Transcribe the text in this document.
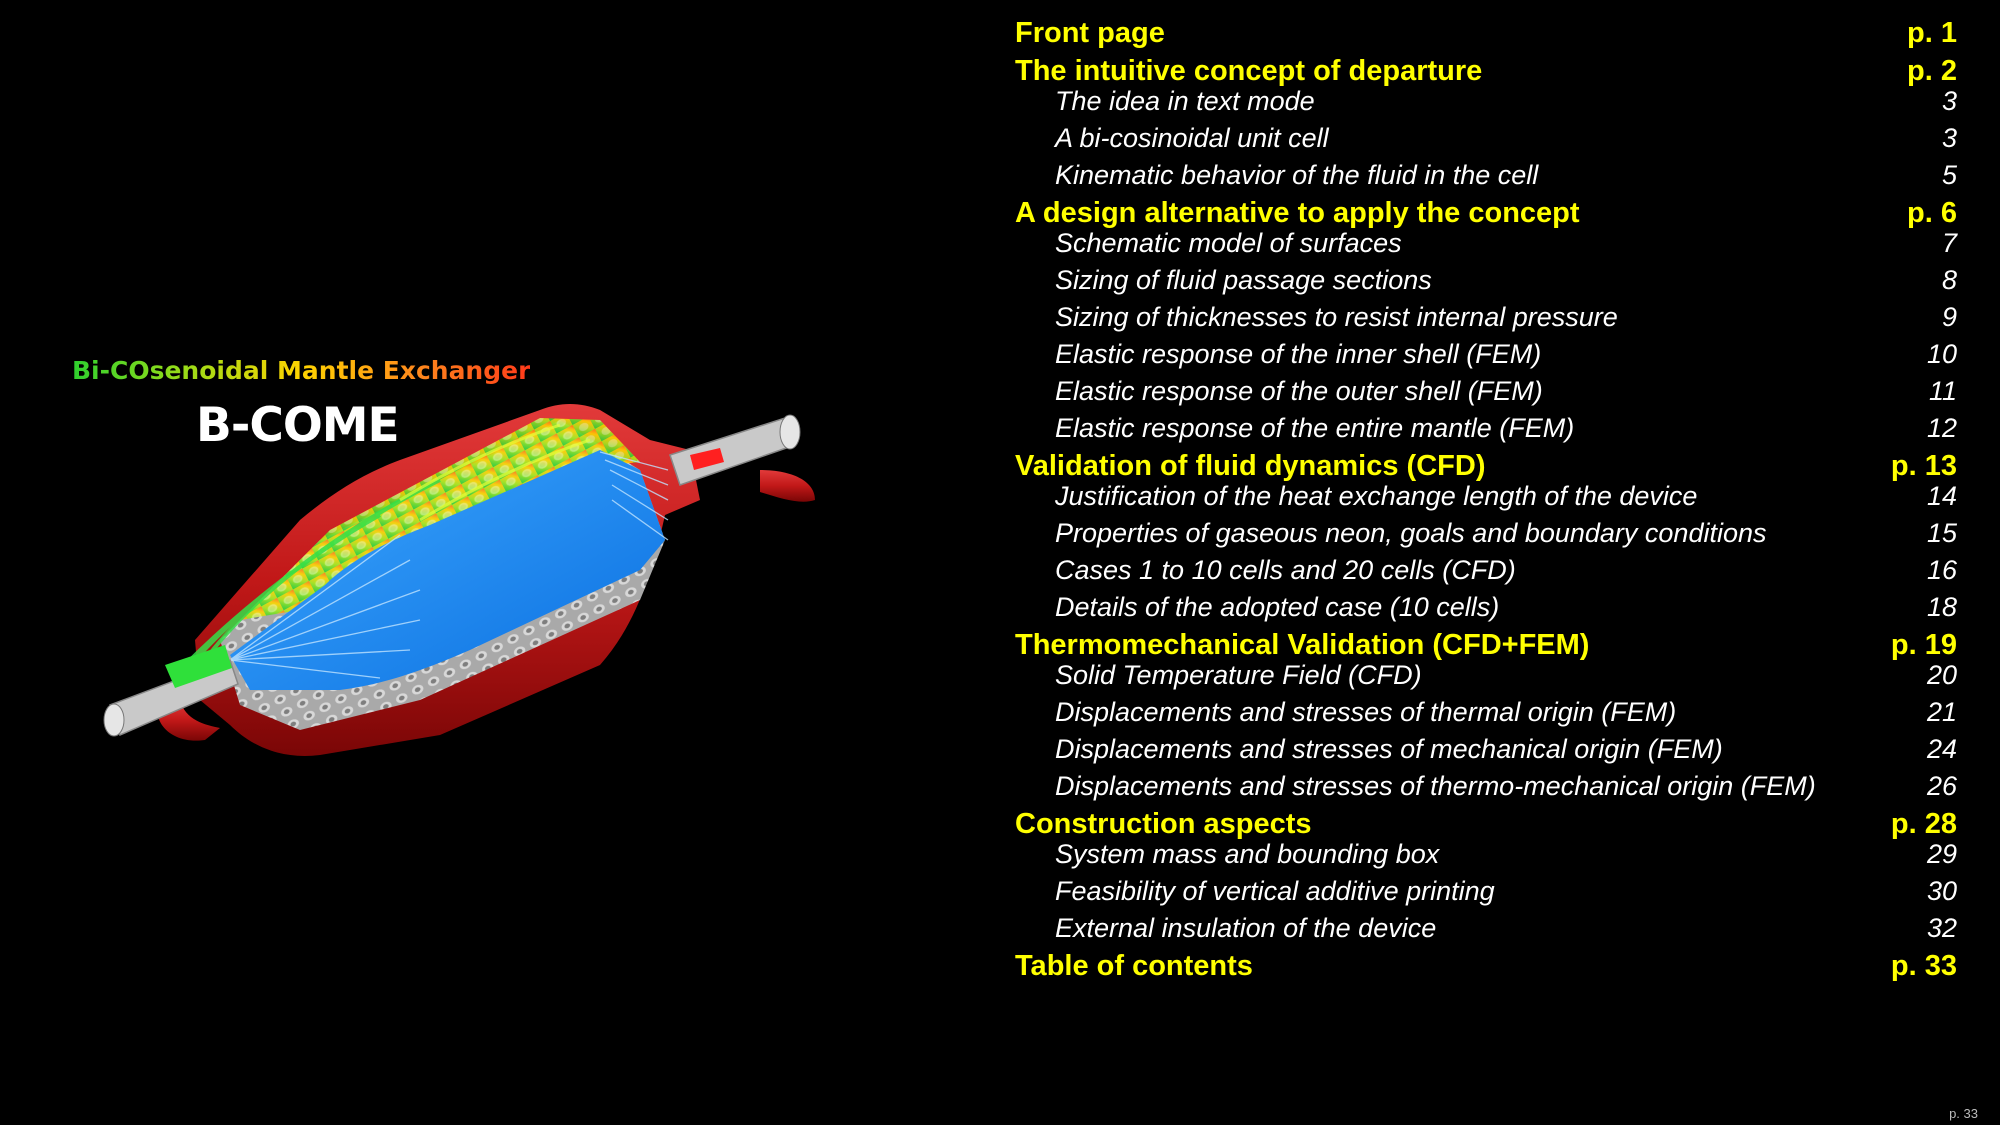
Bi-COsenoidal Mantle Exchanger
B-COME
Front page	p. 1
The intuitive concept of departure	p. 2
The idea in text mode	3
A bi-cosinoidal unit cell	3
Kinematic behavior of the fluid in the cell	5
A design alternative to apply the concept	p. 6
Schematic model of surfaces	7
Sizing of fluid passage sections	8
Sizing of thicknesses to resist internal pressure	9
Elastic response of the inner shell (FEM)	10
Elastic response of the outer shell (FEM)	11
Elastic response of the entire mantle (FEM)	12
Validation of fluid dynamics (CFD)	p. 13
Justification of the heat exchange length of the device	14
Properties of gaseous neon, goals and boundary conditions	15
Cases 1 to 10 cells and 20 cells (CFD)	16
Details of the adopted case (10 cells)	18
Thermomechanical Validation (CFD+FEM)	p. 19
Solid Temperature Field (CFD)	20
Displacements and stresses of thermal origin (FEM)	21
Displacements and stresses of mechanical origin (FEM)	24
Displacements and stresses of thermo-mechanical origin (FEM)	26
Construction aspects	p. 28
System mass and bounding box	29
Feasibility of vertical additive printing	30
External insulation of the device	32
Table of contents	p. 33
p. 33
